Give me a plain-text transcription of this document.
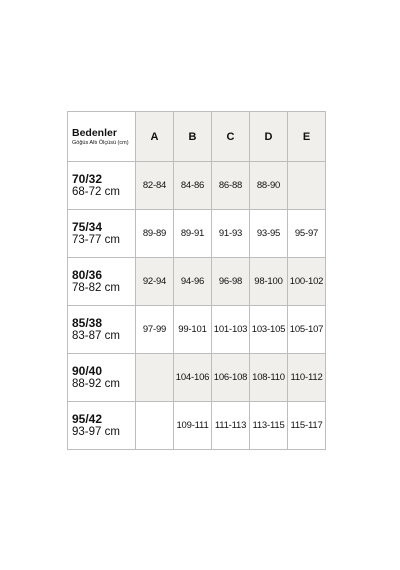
Bedenler
Göğüs Altı Ölçüsü (cm)	A	B	C	D	E

70/32
68-72 cm	82-84	84-86	86-88	88-90	

75/34
73-77 cm	89-89	89-91	91-93	93-95	95-97

80/36
78-82 cm	92-94	94-96	96-98	98-100	100-102

85/38
83-87 cm	97-99	99-101	101-103	103-105	105-107

90/40
88-92 cm		104-106	106-108	108-110	110-112

95/42
93-97 cm		109-111	111-113	113-115	115-117
